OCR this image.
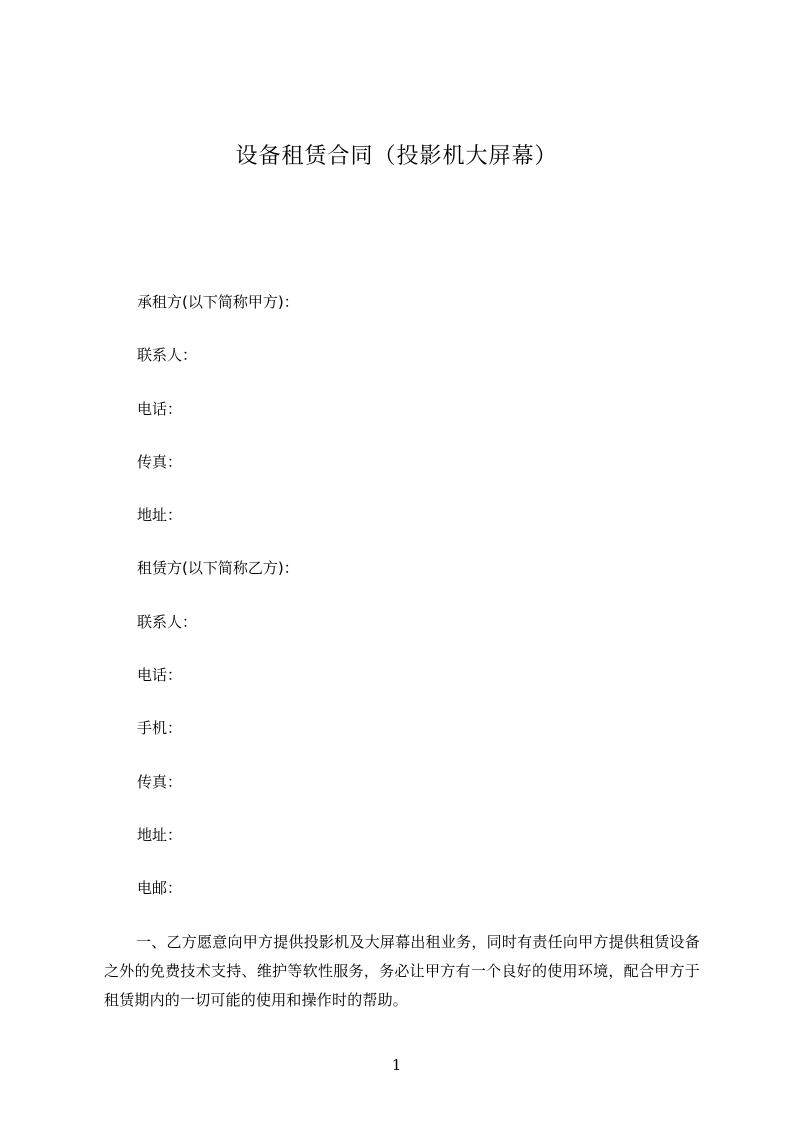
设备租赁合同（投影机大屏幕）
承租方(以下简称甲方)：
联系人：
电话：
传真：
地址：
租赁方(以下简称乙方)：
联系人：
电话：
手机：
传真：
地址：
电邮：

一、乙方愿意向甲方提供投影机及大屏幕出租业务，同时有责任向甲方提供租赁设备之外的免费技术支持、维护等软性服务，务必让甲方有一个良好的使用环境，配合甲方于租赁期内的一切可能的使用和操作时的帮助。

1
